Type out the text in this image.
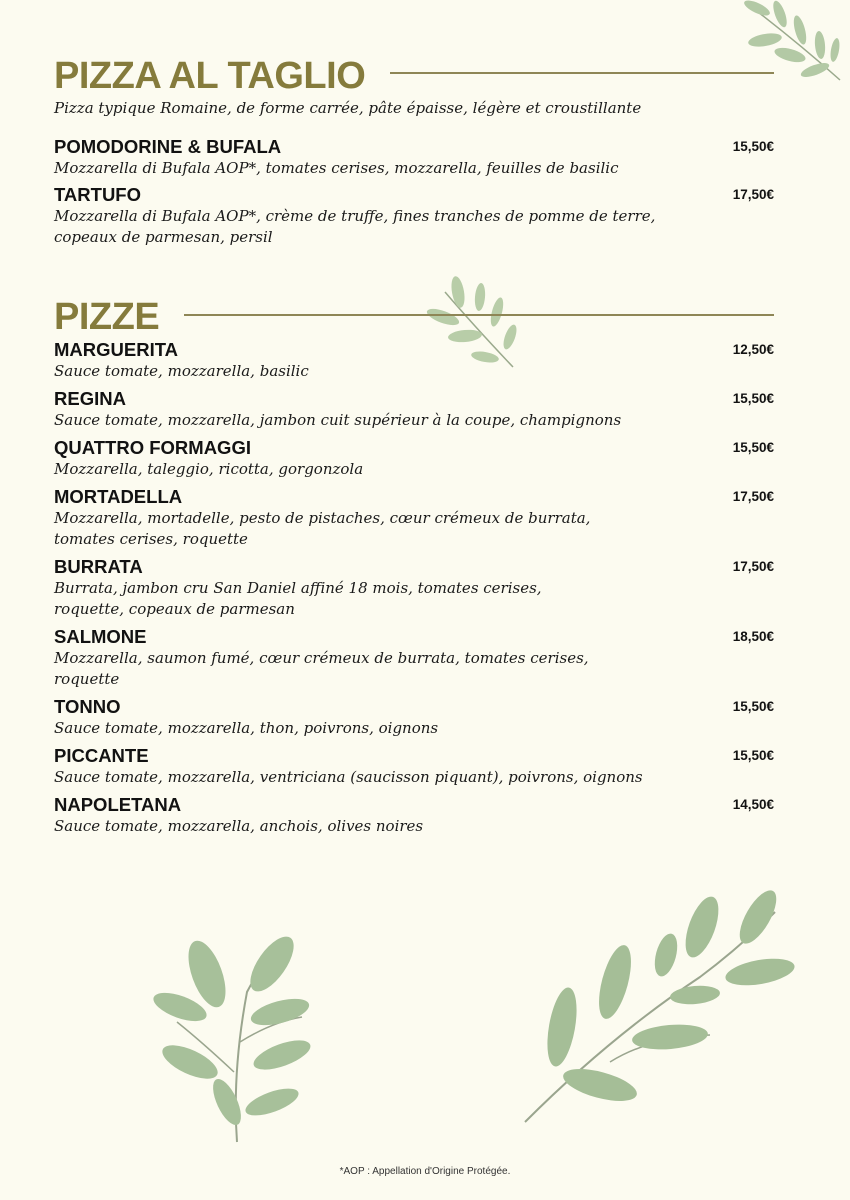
PIZZA AL TAGLIO
Pizza typique Romaine, de forme carrée, pâte épaisse, légère et croustillante
POMODORINE & BUFALA
Mozzarella di Bufala AOP*, tomates cerises, mozzarella, feuilles de basilic
15,50€
TARTUFO
Mozzarella di Bufala AOP*, crème de truffe, fines tranches de pomme de terre,
copeaux de parmesan, persil
17,50€
PIZZE
MARGUERITA
Sauce tomate, mozzarella, basilic
12,50€
REGINA
Sauce tomate, mozzarella, jambon cuit supérieur à la coupe, champignons
15,50€
QUATTRO FORMAGGI
Mozzarella, taleggio, ricotta, gorgonzola
15,50€
MORTADELLA
Mozzarella, mortadelle, pesto de pistaches, cœur crémeux de burrata,
tomates cerises, roquette
17,50€
BURRATA
Burrata, jambon cru San Daniel affiné 18 mois, tomates cerises,
roquette, copeaux de parmesan
17,50€
SALMONE
Mozzarella, saumon fumé, cœur crémeux de burrata, tomates cerises,
roquette
18,50€
TONNO
Sauce tomate, mozzarella, thon, poivrons, oignons
15,50€
PICCANTE
Sauce tomate, mozzarella, ventriciana (saucisson piquant), poivrons, oignons
15,50€
NAPOLETANA
Sauce tomate, mozzarella, anchois, olives noires
14,50€
*AOP : Appellation d'Origine Protégée.
